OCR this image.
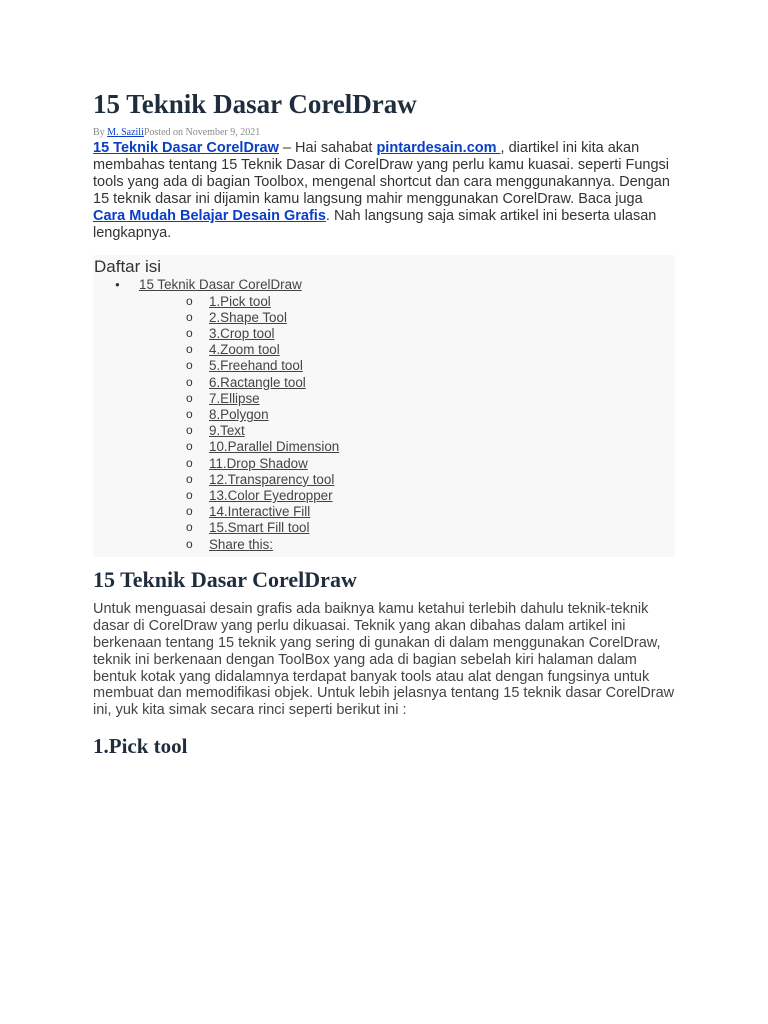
15 Teknik Dasar CorelDraw
By M. SaziliPosted on November 9, 2021

15 Teknik Dasar CorelDraw – Hai sahabat pintardesain.com , diartikel ini kita akan membahas tentang 15 Teknik Dasar di CorelDraw yang perlu kamu kuasai. seperti Fungsi tools yang ada di bagian Toolbox, mengenal shortcut dan cara menggunakannya. Dengan 15 teknik dasar ini dijamin kamu langsung mahir menggunakan CorelDraw. Baca juga Cara Mudah Belajar Desain Grafis. Nah langsung saja simak artikel ini beserta ulasan lengkapnya.

Daftar isi
● 15 Teknik Dasar CorelDraw
o 1.Pick tool
o 2.Shape Tool
o 3.Crop tool
o 4.Zoom tool
o 5.Freehand tool
o 6.Ractangle tool
o 7.Ellipse
o 8.Polygon
o 9.Text
o 10.Parallel Dimension
o 11.Drop Shadow
o 12.Transparency tool
o 13.Color Eyedropper
o 14.Interactive Fill
o 15.Smart Fill tool
o Share this:
15 Teknik Dasar CorelDraw

Untuk menguasai desain grafis ada baiknya kamu ketahui terlebih dahulu teknik-teknik dasar di CorelDraw yang perlu dikuasai. Teknik yang akan dibahas dalam artikel ini berkenaan tentang 15 teknik yang sering di gunakan di dalam menggunakan CorelDraw, teknik ini berkenaan dengan ToolBox yang ada di bagian sebelah kiri halaman dalam bentuk kotak yang didalamnya terdapat banyak tools atau alat dengan fungsinya untuk membuat dan memodifikasi objek. Untuk lebih jelasnya tentang 15 teknik dasar CorelDraw ini, yuk kita simak secara rinci seperti berikut ini :

1.Pick tool
